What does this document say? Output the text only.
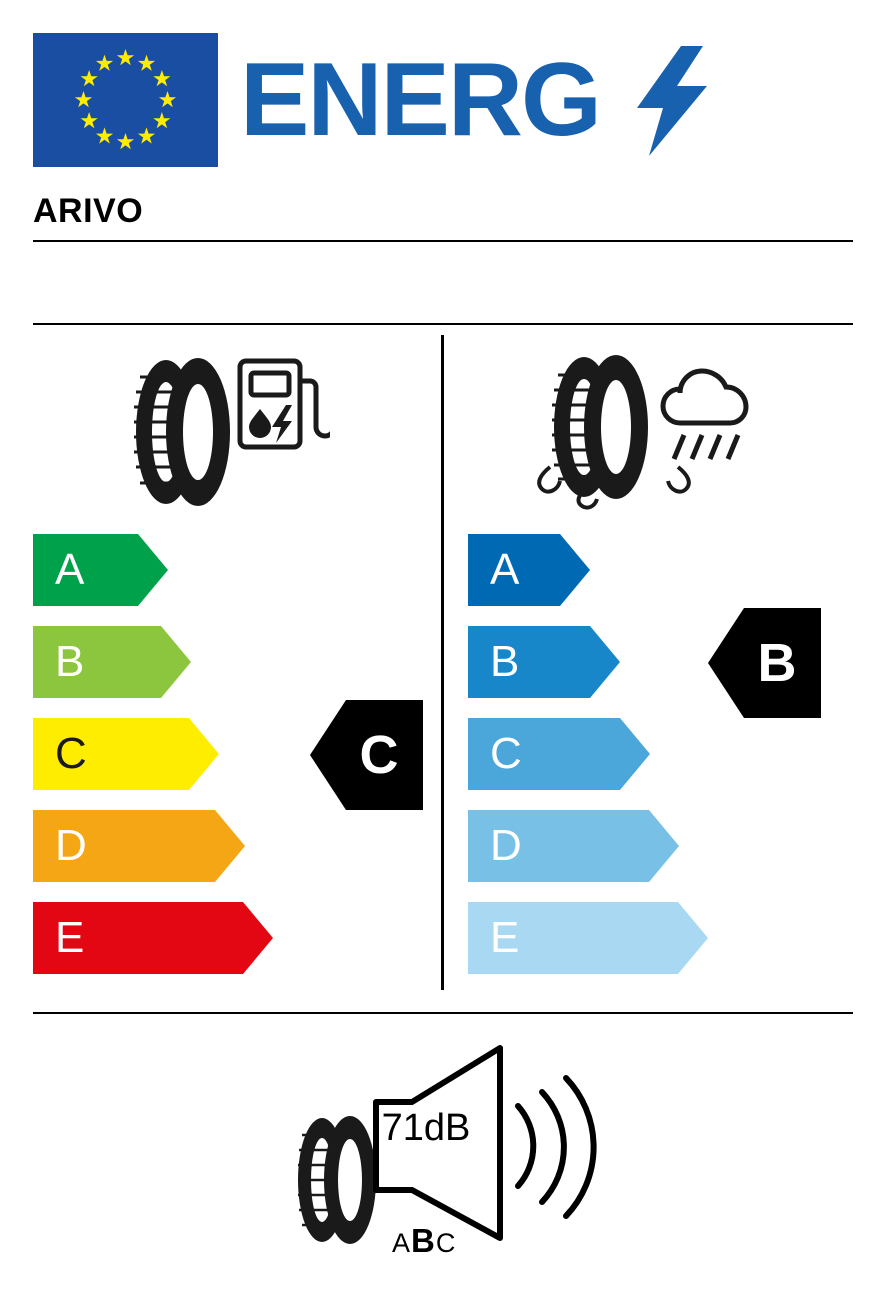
ENERG
ARIVO
A
B
C
D
E
C
A
B
C
D
E
B
71dB
ABC
